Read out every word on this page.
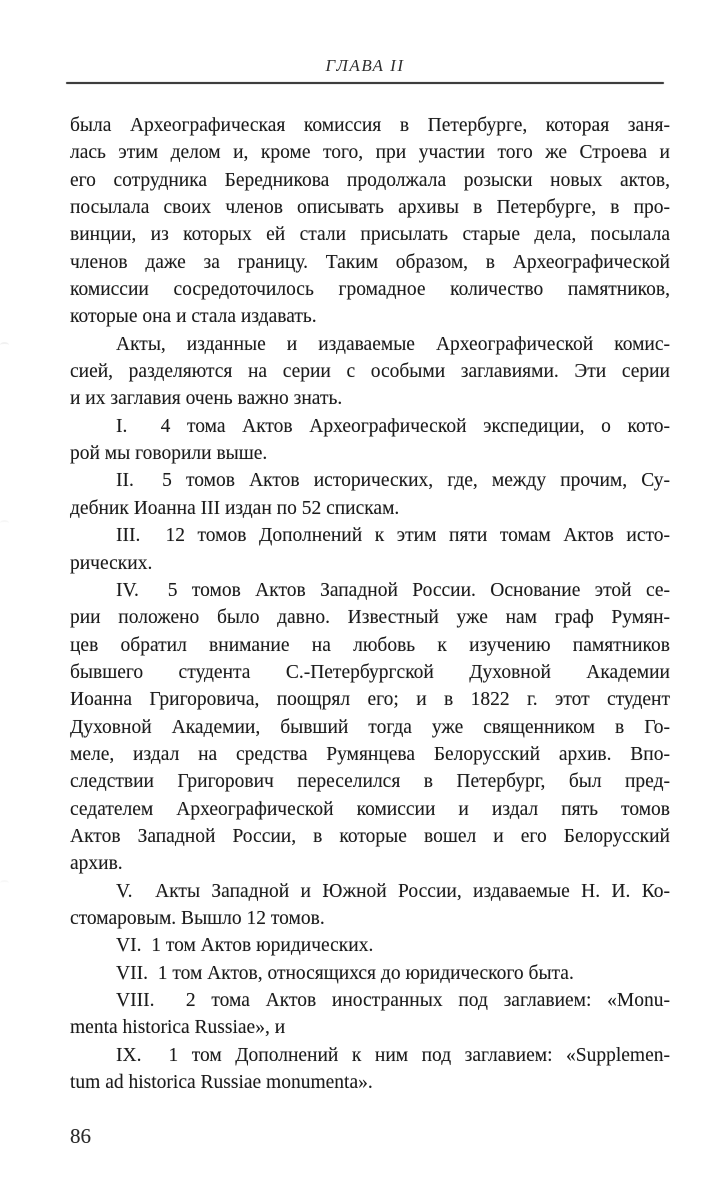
ГЛАВА II
была Археографическая комиссия в Петербурге, которая заня-
лась этим делом и, кроме того, при участии того же Строева и
его сотрудника Бередникова продолжала розыски новых актов,
посылала своих членов описывать архивы в Петербурге, в про-
винции, из которых ей стали присылать старые дела, посылала
членов даже за границу. Таким образом, в Археографической
комиссии сосредоточилось громадное количество памятников,
которые она и стала издавать.
Акты, изданные и издаваемые Археографической комис-
сией, разделяются на серии с особыми заглавиями. Эти серии
и их заглавия очень важно знать.
I.  4 тома Актов Археографической экспедиции, о кото-
рой мы говорили выше.
II.  5 томов Актов исторических, где, между прочим, Су-
дебник Иоанна III издан по 52 спискам.
III.  12 томов Дополнений к этим пяти томам Актов исто-
рических.
IV.  5 томов Актов Западной России. Основание этой се-
рии положено было давно. Известный уже нам граф Румян-
цев обратил внимание на любовь к изучению памятников
бывшего студента С.-Петербургской Духовной Академии
Иоанна Григоровича, поощрял его; и в 1822 г. этот студент
Духовной Академии, бывший тогда уже священником в Го-
меле, издал на средства Румянцева Белорусский архив. Впо-
следствии Григорович переселился в Петербург, был пред-
седателем Археографической комиссии и издал пять томов
Актов Западной России, в которые вошел и его Белорусский
архив.
V.  Акты Западной и Южной России, издаваемые Н. И. Ко-
стомаровым. Вышло 12 томов.
VI.  1 том Актов юридических.
VII.  1 том Актов, относящихся до юридического быта.
VIII.  2 тома Актов иностранных под заглавием: «Monu-
menta historica Russiae», и
IX.  1 том Дополнений к ним под заглавием: «Supplemen-
tum ad historica Russiae monumenta».
86
